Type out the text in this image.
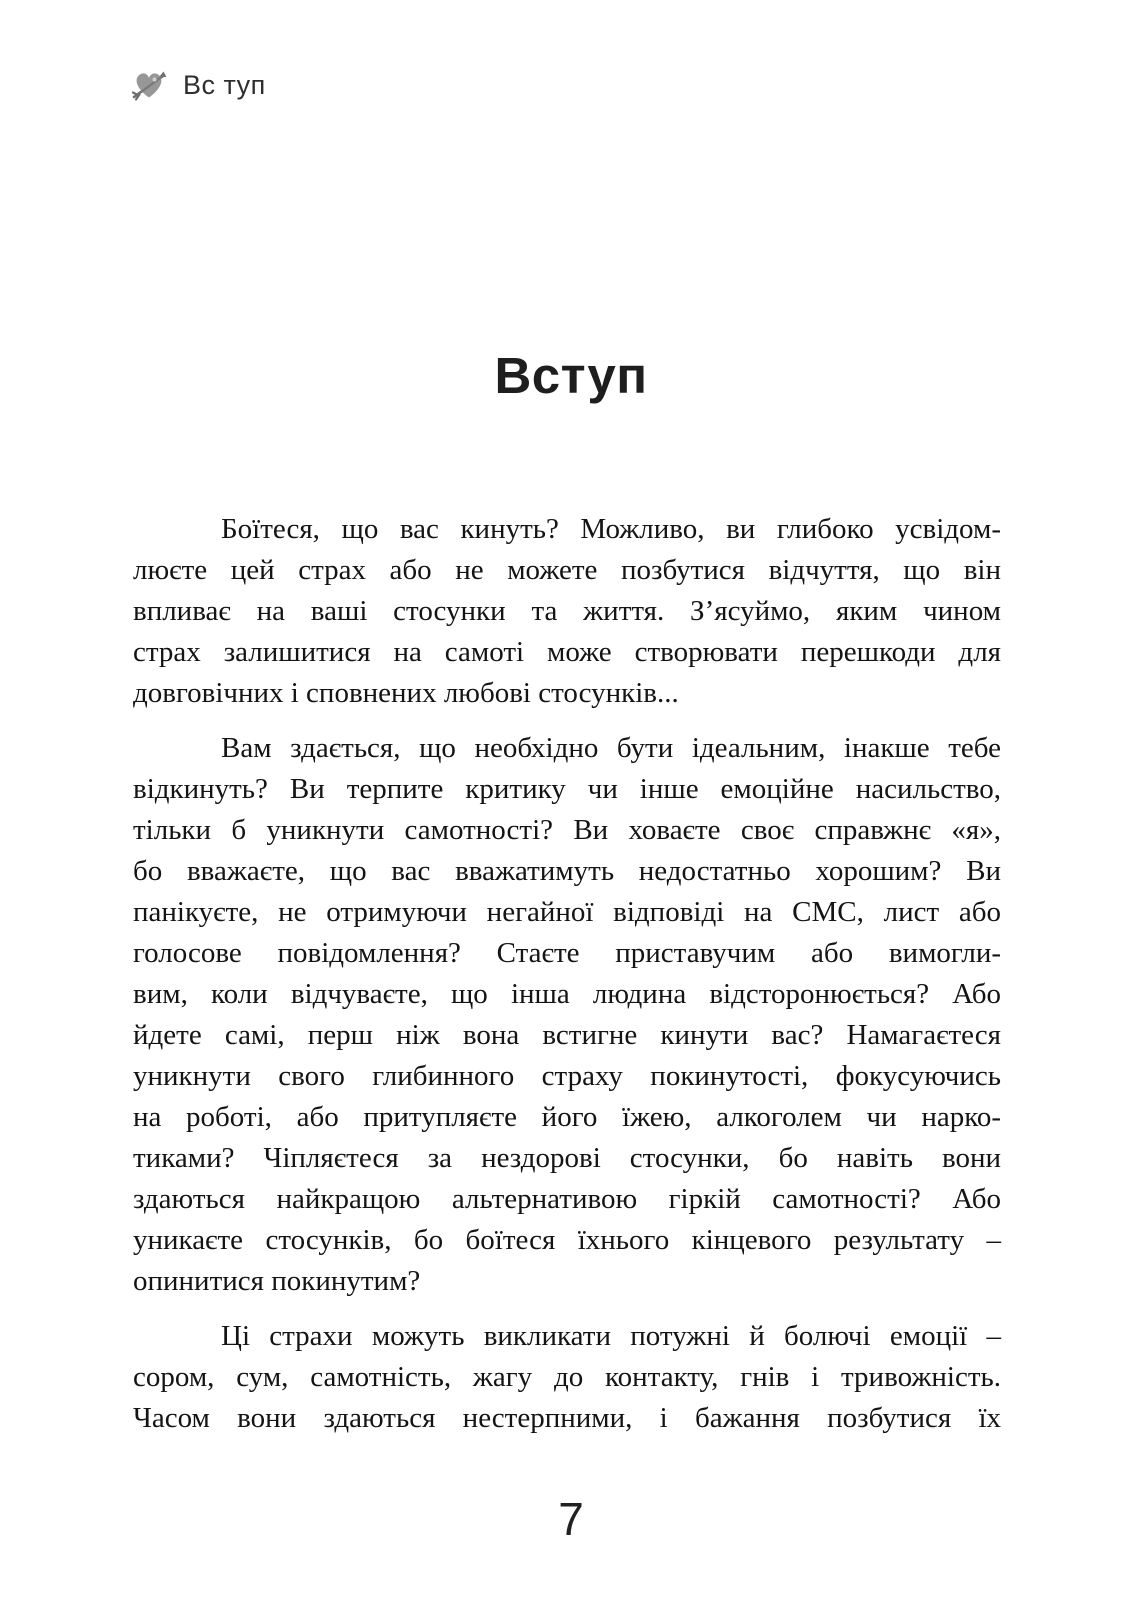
Вс туп
Вступ
Боїтеся, що вас кинуть? Можливо, ви глибоко усвідом-
люєте цей страх або не можете позбутися відчуття, що він
впливає на ваші стосунки та життя. З’ясуймо, яким чином
страх залишитися на самоті може створювати перешкоди для
довговічних і сповнених любові стосунків...
Вам здається, що необхідно бути ідеальним, інакше тебе
відкинуть? Ви терпите критику чи інше емоційне насильство,
тільки б уникнути самотності? Ви ховаєте своє справжнє «я»,
бо вважаєте, що вас вважатимуть недостатньо хорошим? Ви
панікуєте, не отримуючи негайної відповіді на СМС, лист або
голосове повідомлення? Стаєте приставучим або вимогли-
вим, коли відчуваєте, що інша людина відсторонюється? Або
йдете самі, перш ніж вона встигне кинути вас? Намагаєтеся
уникнути свого глибинного страху покинутості, фокусуючись
на роботі, або притупляєте його їжею, алкоголем чи нарко-
тиками? Чіпляєтеся за нездорові стосунки, бо навіть вони
здаються найкращою альтернативою гіркій самотності? Або
уникаєте стосунків, бо боїтеся їхнього кінцевого результату –
опинитися покинутим?
Ці страхи можуть викликати потужні й болючі емоції –
сором, сум, самотність, жагу до контакту, гнів і тривожність.
Часом вони здаються нестерпними, і бажання позбутися їх
7
